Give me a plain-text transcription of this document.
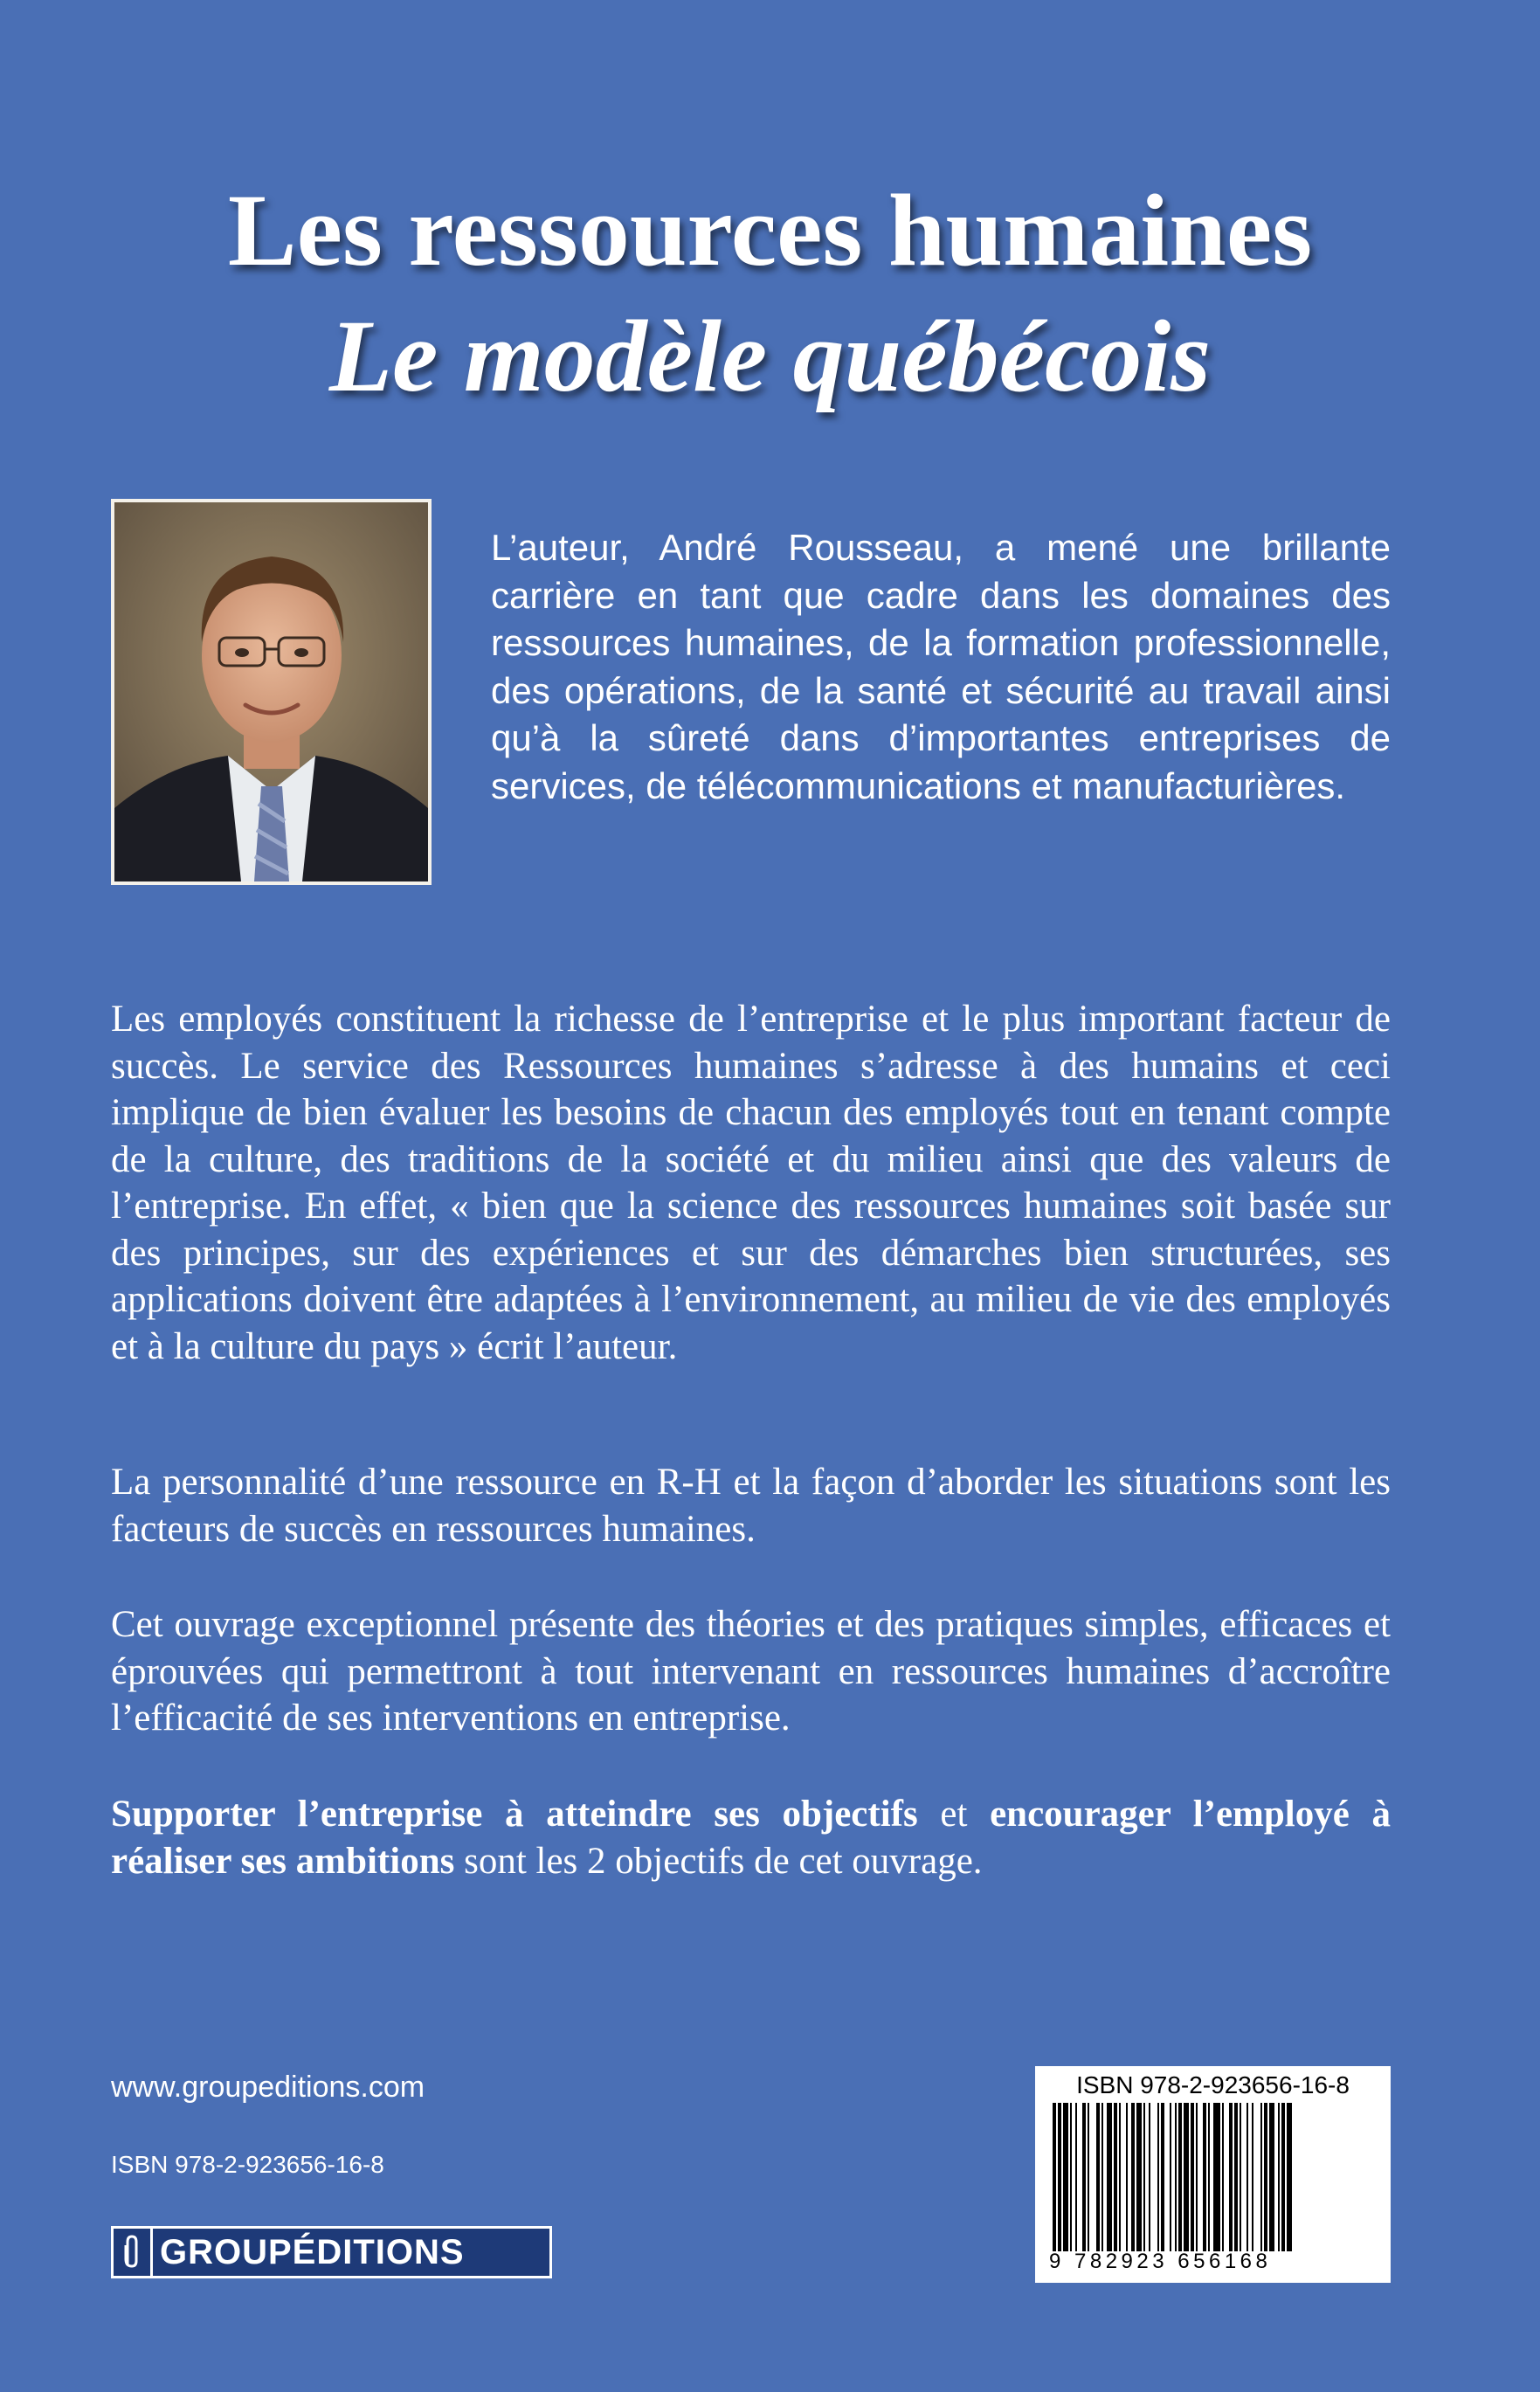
Les ressources humaines
Le modèle québécois
L’auteur, André Rousseau, a mené une brillante carrière en tant que cadre dans les domaines des ressources humaines, de la formation professionnelle, des opérations, de la santé et sécurité au travail ainsi qu’à la sûreté dans d’importantes entreprises de services, de télécommunications et manufacturières.

Les employés constituent la richesse de l’entreprise et le plus important facteur de succès. Le service des Ressources humaines s’adresse à des humains et ceci implique de bien évaluer les besoins de chacun des employés tout en tenant compte de la culture, des traditions de la société et du milieu ainsi que des valeurs de l’entreprise. En effet, « bien que la science des ressources humaines soit basée sur des principes, sur des expériences et sur des démarches bien structurées, ses applications doivent être adaptées à l’environnement, au milieu de vie des employés et à la culture du pays » écrit l’auteur.

La personnalité d’une ressource en R-H et la façon d’aborder les situations sont les facteurs de succès en ressources humaines.

Cet ouvrage exceptionnel présente des théories et des pratiques simples, efficaces et éprouvées qui permettront à tout intervenant en ressources humaines d’accroître l’efficacité de ses interventions en entreprise.

Supporter l’entreprise à atteindre ses objectifs et encourager l’employé à réaliser ses ambitions sont les 2 objectifs de cet ouvrage.

www.groupeditions.com
ISBN 978-2-923656-16-8
GROUPÉDITIONS
ISBN 978-2-923656-16-8
9 782923 656168
